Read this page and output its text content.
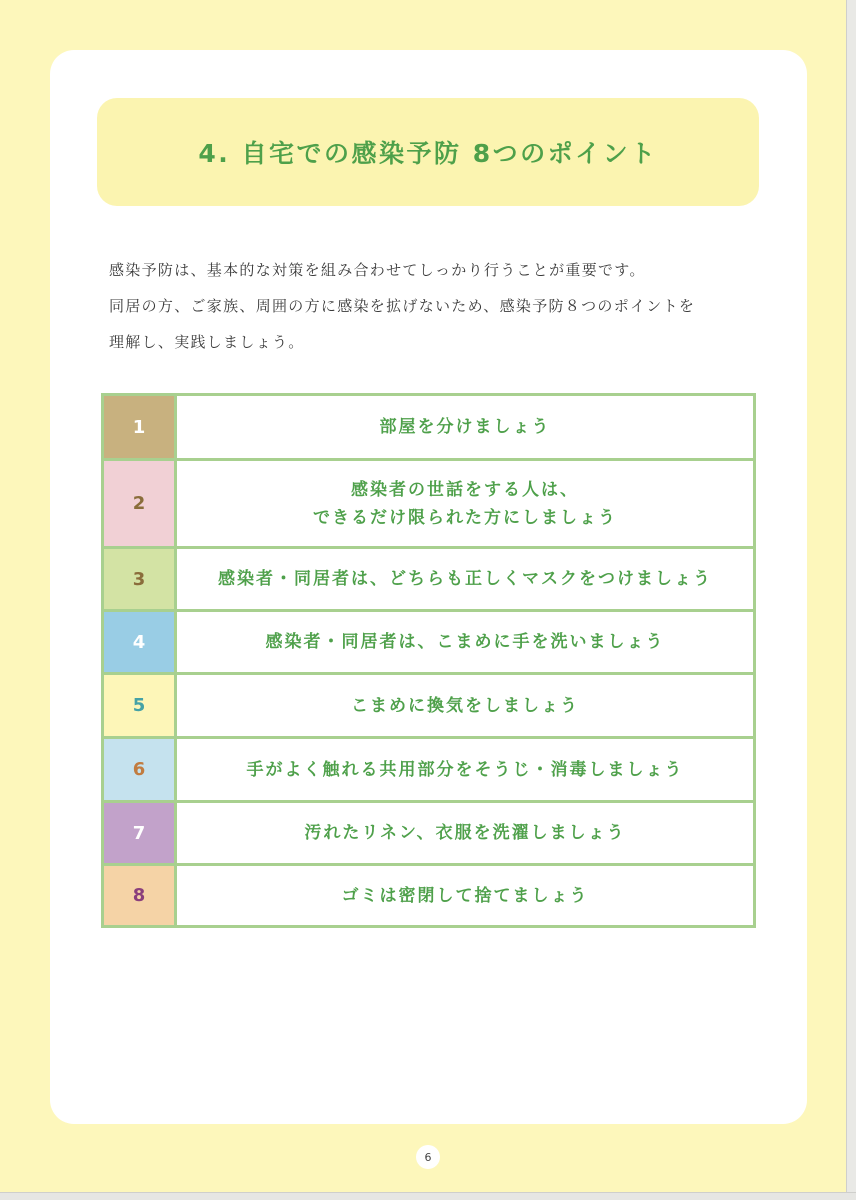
4. 自宅での感染予防 8つのポイント

感染予防は、基本的な対策を組み合わせてしっかり行うことが重要です。

同居の方、ご家族、周囲の方に感染を拡げないため、感染予防８つのポイントを

理解し、実践しましょう。

1	部屋を分けましょう
2
感染者の世話をする人は、
できるだけ限られた方にしましょう
3	感染者・同居者は、どちらも正しくマスクをつけましょう
4	感染者・同居者は、こまめに手を洗いましょう
5	こまめに換気をしましょう
6	手がよく触れる共用部分をそうじ・消毒しましょう
7	汚れたリネン、衣服を洗濯しましょう
8	ゴミは密閉して捨てましょう
6
